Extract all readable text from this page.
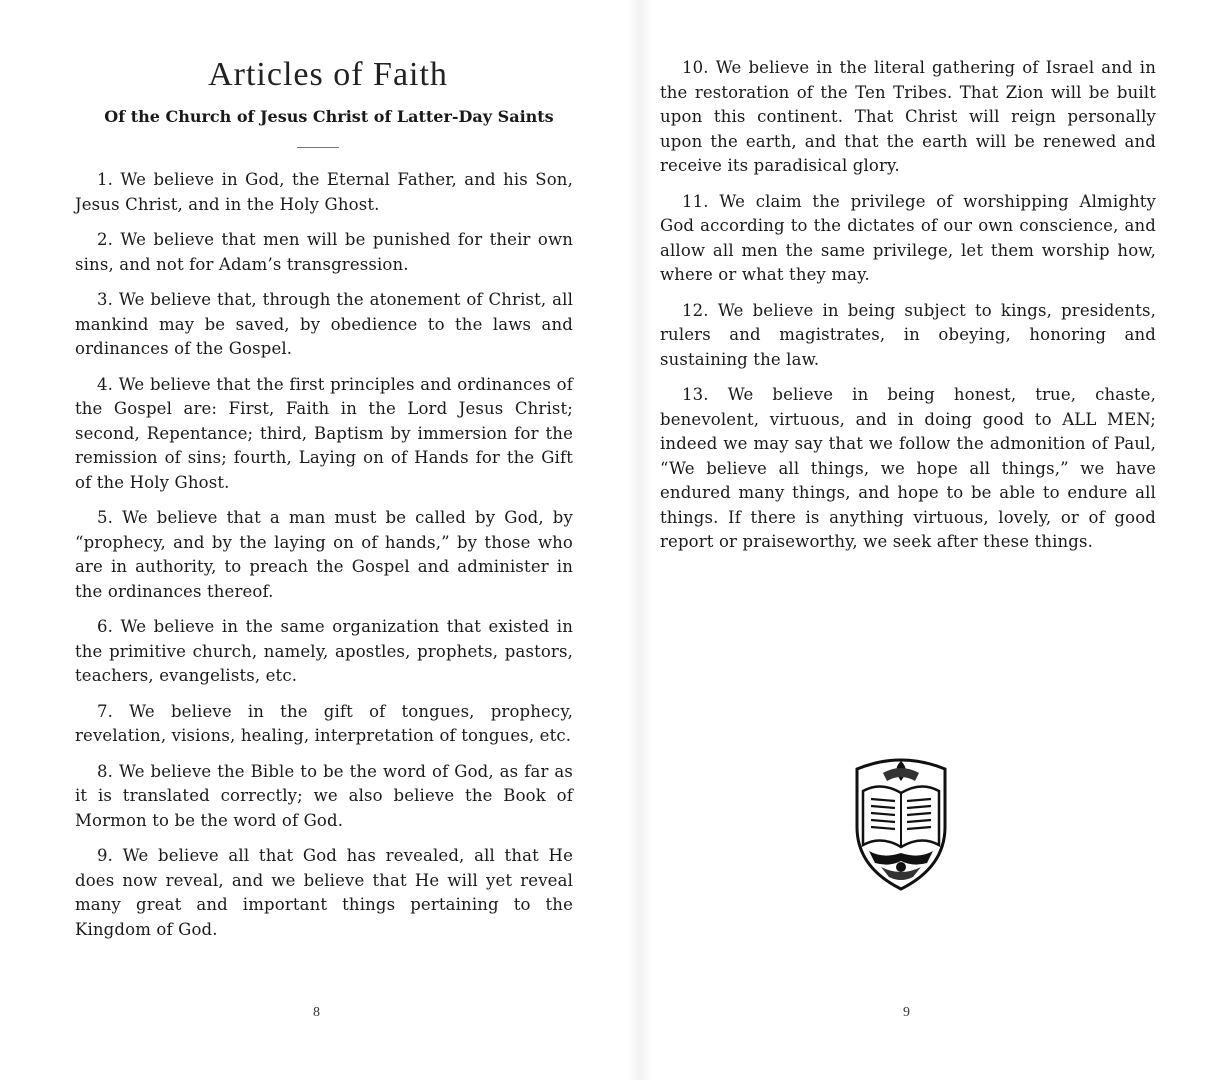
Articles of Faith
Of the Church of Jesus Christ of Latter-Day Saints

1. We believe in God, the Eternal Father, and his Son, Jesus Christ, and in the Holy Ghost.

2. We believe that men will be punished for their own sins, and not for Adam’s transgression.

3. We believe that, through the atonement of Christ, all mankind may be saved, by obedience to the laws and ordinances of the Gospel.

4. We believe that the first principles and ordinances of the Gospel are: First, Faith in the Lord Jesus Christ; second, Repentance; third, Baptism by immersion for the remission of sins; fourth, Laying on of Hands for the Gift of the Holy Ghost.

5. We believe that a man must be called by God, by “prophecy, and by the laying on of hands,” by those who are in authority, to preach the Gospel and administer in the ordinances thereof.

6. We believe in the same organization that existed in the primitive church, namely, apostles, prophets, pastors, teachers, evangelists, etc.

7. We believe in the gift of tongues, prophecy, revelation, visions, healing, interpretation of tongues, etc.

8. We believe the Bible to be the word of God, as far as it is translated correctly; we also believe the Book of Mormon to be the word of God.

9. We believe all that God has revealed, all that He does now reveal, and we believe that He will yet reveal many great and important things pertaining to the Kingdom of God.

8

10. We believe in the literal gathering of Israel and in the restoration of the Ten Tribes. That Zion will be built upon this continent. That Christ will reign personally upon the earth, and that the earth will be renewed and receive its paradisical glory.

11. We claim the privilege of worshipping Almighty God according to the dictates of our own conscience, and allow all men the same privilege, let them worship how, where or what they may.

12. We believe in being subject to kings, presidents, rulers and magistrates, in obeying, honoring and sustaining the law.

13. We believe in being honest, true, chaste, benevolent, virtuous, and in doing good to ALL MEN; indeed we may say that we follow the admonition of Paul, “We believe all things, we hope all things,” we have endured many things, and hope to be able to endure all things. If there is anything virtuous, lovely, or of good report or praiseworthy, we seek after these things.

9
